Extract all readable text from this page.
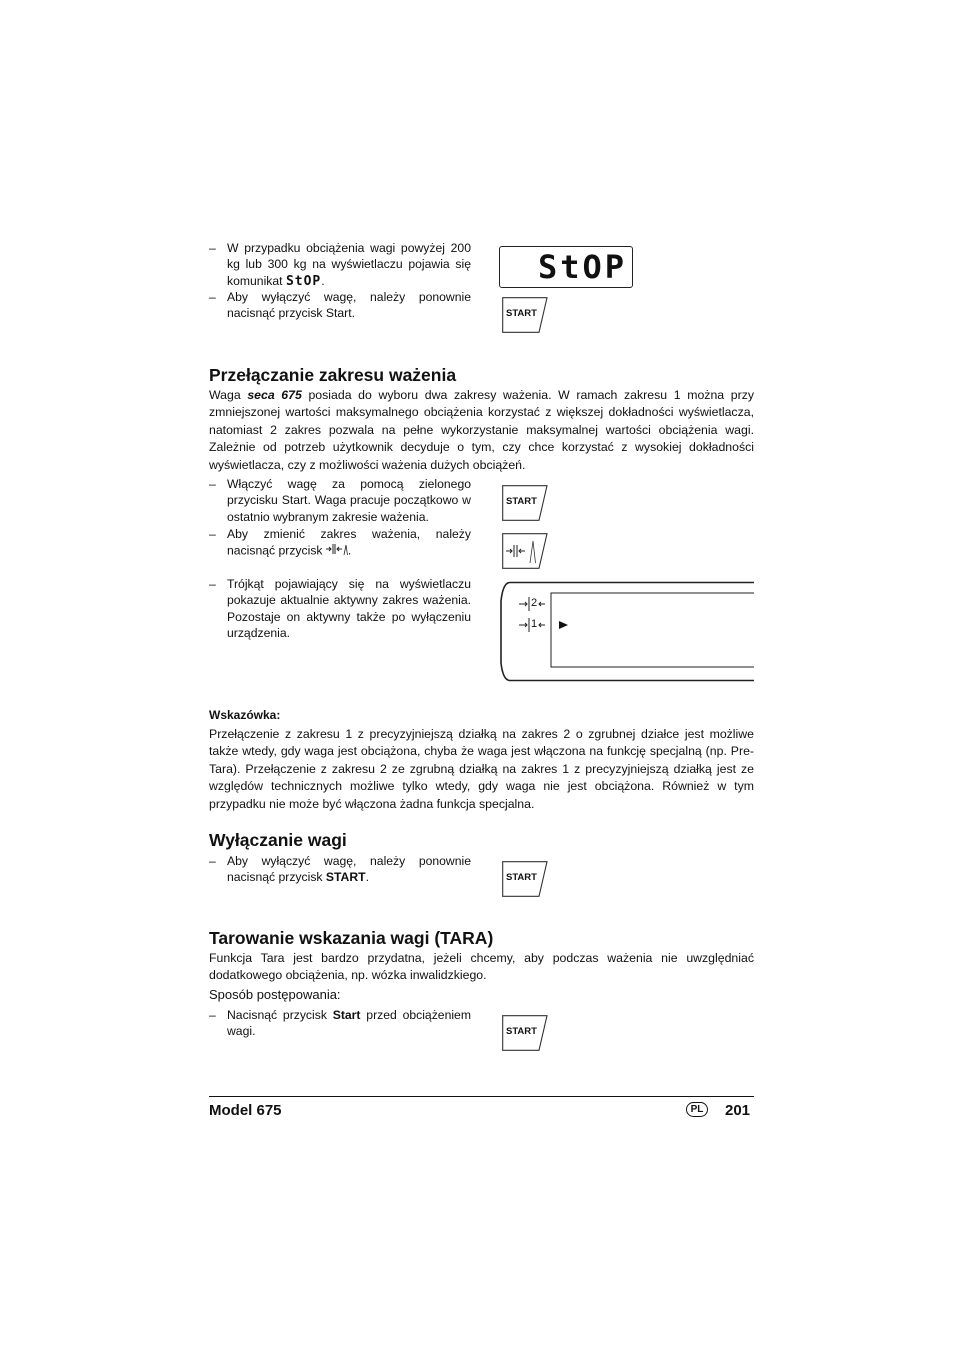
– W przypadku obciążenia wagi powyżej 200 kg lub 300 kg na wyświetlaczu pojawia się komunikat StOP.
– Aby wyłączyć wagę, należy ponownie nacisnąć przycisk Start.
StOP
START
Przełączanie zakresu ważenia
Waga seca 675 posiada do wyboru dwa zakresy ważenia. W ramach zakresu 1 można przy zmniejszonej wartości maksymalnego obciążenia korzystać z większej dokładności wyświetlacza, natomiast 2 zakres pozwala na pełne wykorzystanie maksymalnej wartości obciążenia wagi. Zależnie od potrzeb użytkownik decyduje o tym, czy chce korzystać z wysokiej dokładności wyświetlacza, czy z możliwości ważenia dużych obciążeń.
– Włączyć wagę za pomocą zielonego przycisku Start. Waga pracuje początkowo w ostatnio wybranym zakresie ważenia.
– Aby zmienić zakres ważenia, należy nacisnąć przycisk .
– Trójkąt pojawiający się na wyświetlaczu pokazuje aktualnie aktywny zakres ważenia. Pozostaje on aktywny także po wyłączeniu urządzenia.
START
2
1
Wskazówka:
Przełączenie z zakresu 1 z precyzyjniejszą działką na zakres 2 o zgrubnej działce jest możliwe także wtedy, gdy waga jest obciążona, chyba że waga jest włączona na funkcję specjalną (np. Pre-Tara). Przełączenie z zakresu 2 ze zgrubną działką na zakres 1 z precyzyjniejszą działką jest ze względów technicznych możliwe tylko wtedy, gdy waga nie jest obciążona. Również w tym przypadku nie może być włączona żadna funkcja specjalna.
Wyłączanie wagi
– Aby wyłączyć wagę, należy ponownie nacisnąć przycisk START.	START
Tarowanie wskazania wagi (TARA)
Funkcja Tara jest bardzo przydatna, jeżeli chcemy, aby podczas ważenia nie uwzględniać dodatkowego obciążenia, np. wózka inwalidzkiego.
Sposób postępowania:
– Nacisnąć przycisk Start przed obciążeniem wagi.	START
Model 675	PL	201
